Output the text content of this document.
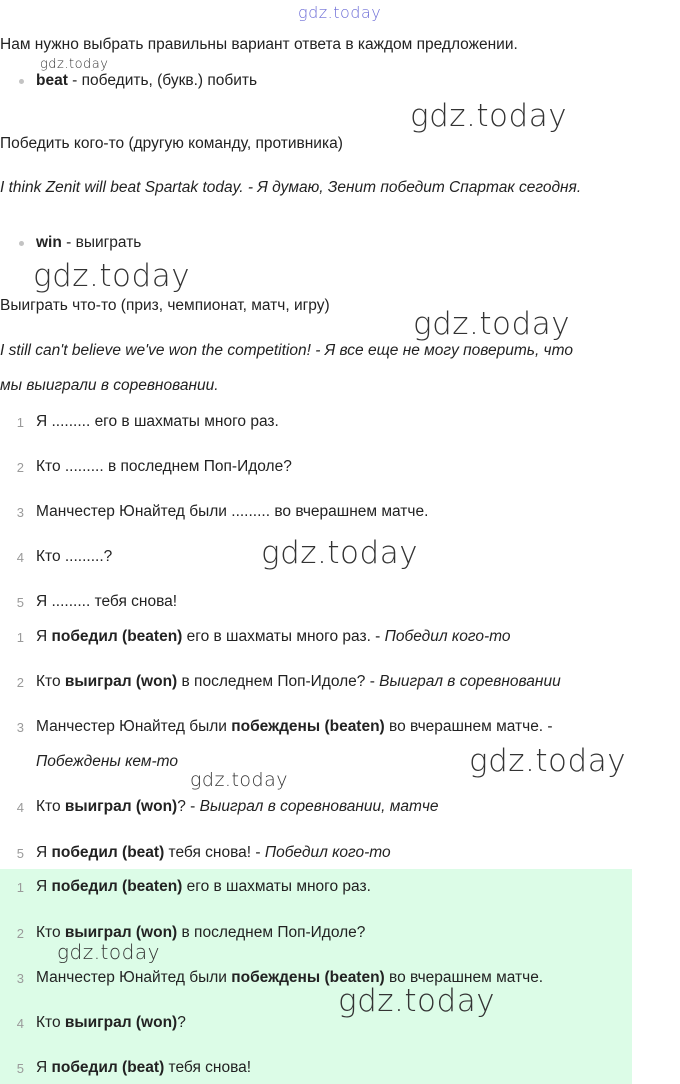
gdz.today
gdz.today
gdz.today
gdz.today
gdz.today
gdz.today
gdz.today
gdz.today
Нам нужно выбрать правильны вариант ответа в каждом предложении.
beat - победить, (букв.) побить
Победить кого-то (другую команду, противника)
I think Zenit will beat Spartak today. - Я думаю, Зенит победит Спартак сегодня.
win - выиграть
Выиграть что-то (приз, чемпионат, матч, игру)
I still can't believe we've won the competition! - Я все еще не могу поверить, что
мы выиграли в соревновании.
1 Я ......... его в шахматы много раз.
2 Кто ......... в последнем Поп-Идоле?
3 Манчестер Юнайтед были ......... во вчерашнем матче.
4 Кто .........?
5 Я ......... тебя снова!
1 Я победил (beaten) его в шахматы много раз. - Победил кого-то
2 Кто выиграл (won) в последнем Поп-Идоле? - Выиграл в соревновании
3 Манчестер Юнайтед были побеждены (beaten) во вчерашнем матче. -
Побеждены кем-то
4 Кто выиграл (won)? - Выиграл в соревновании, матче
5 Я победил (beat) тебя снова! - Победил кого-то
1 Я победил (beaten) его в шахматы много раз.
2 Кто выиграл (won) в последнем Поп-Идоле?
3 Манчестер Юнайтед были побеждены (beaten) во вчерашнем матче.
4 Кто выиграл (won)?
5 Я победил (beat) тебя снова!
gdz.today
gdz.today
